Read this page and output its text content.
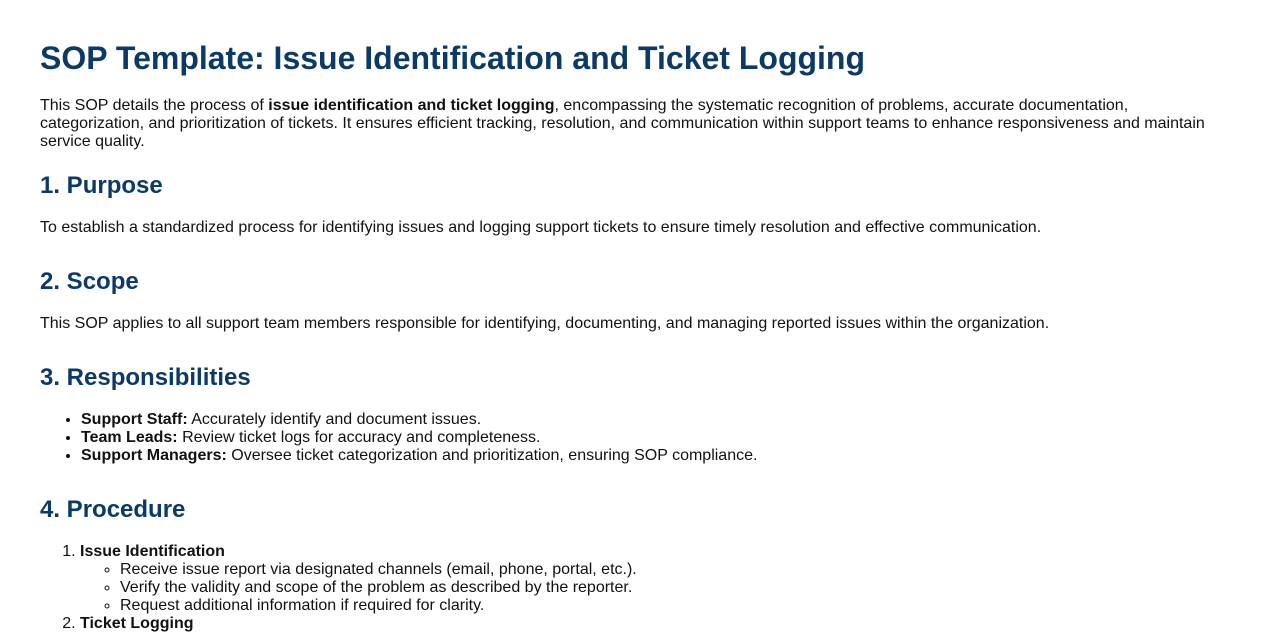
SOP Template: Issue Identification and Ticket Logging

This SOP details the process of issue identification and ticket logging, encompassing the systematic recognition of problems, accurate documentation, categorization, and prioritization of tickets. It ensures efficient tracking, resolution, and communication within support teams to enhance responsiveness and maintain service quality.

1. Purpose

To establish a standardized process for identifying issues and logging support tickets to ensure timely resolution and effective communication.

2. Scope

This SOP applies to all support team members responsible for identifying, documenting, and managing reported issues within the organization.

3. Responsibilities
• Support Staff: Accurately identify and document issues.
• Team Leads: Review ticket logs for accuracy and completeness.
• Support Managers: Oversee ticket categorization and prioritization, ensuring SOP compliance.
4. Procedure
1. Issue Identification
◦ Receive issue report via designated channels (email, phone, portal, etc.).
◦ Verify the validity and scope of the problem as described by the reporter.
◦ Request additional information if required for clarity.
2. Ticket Logging
